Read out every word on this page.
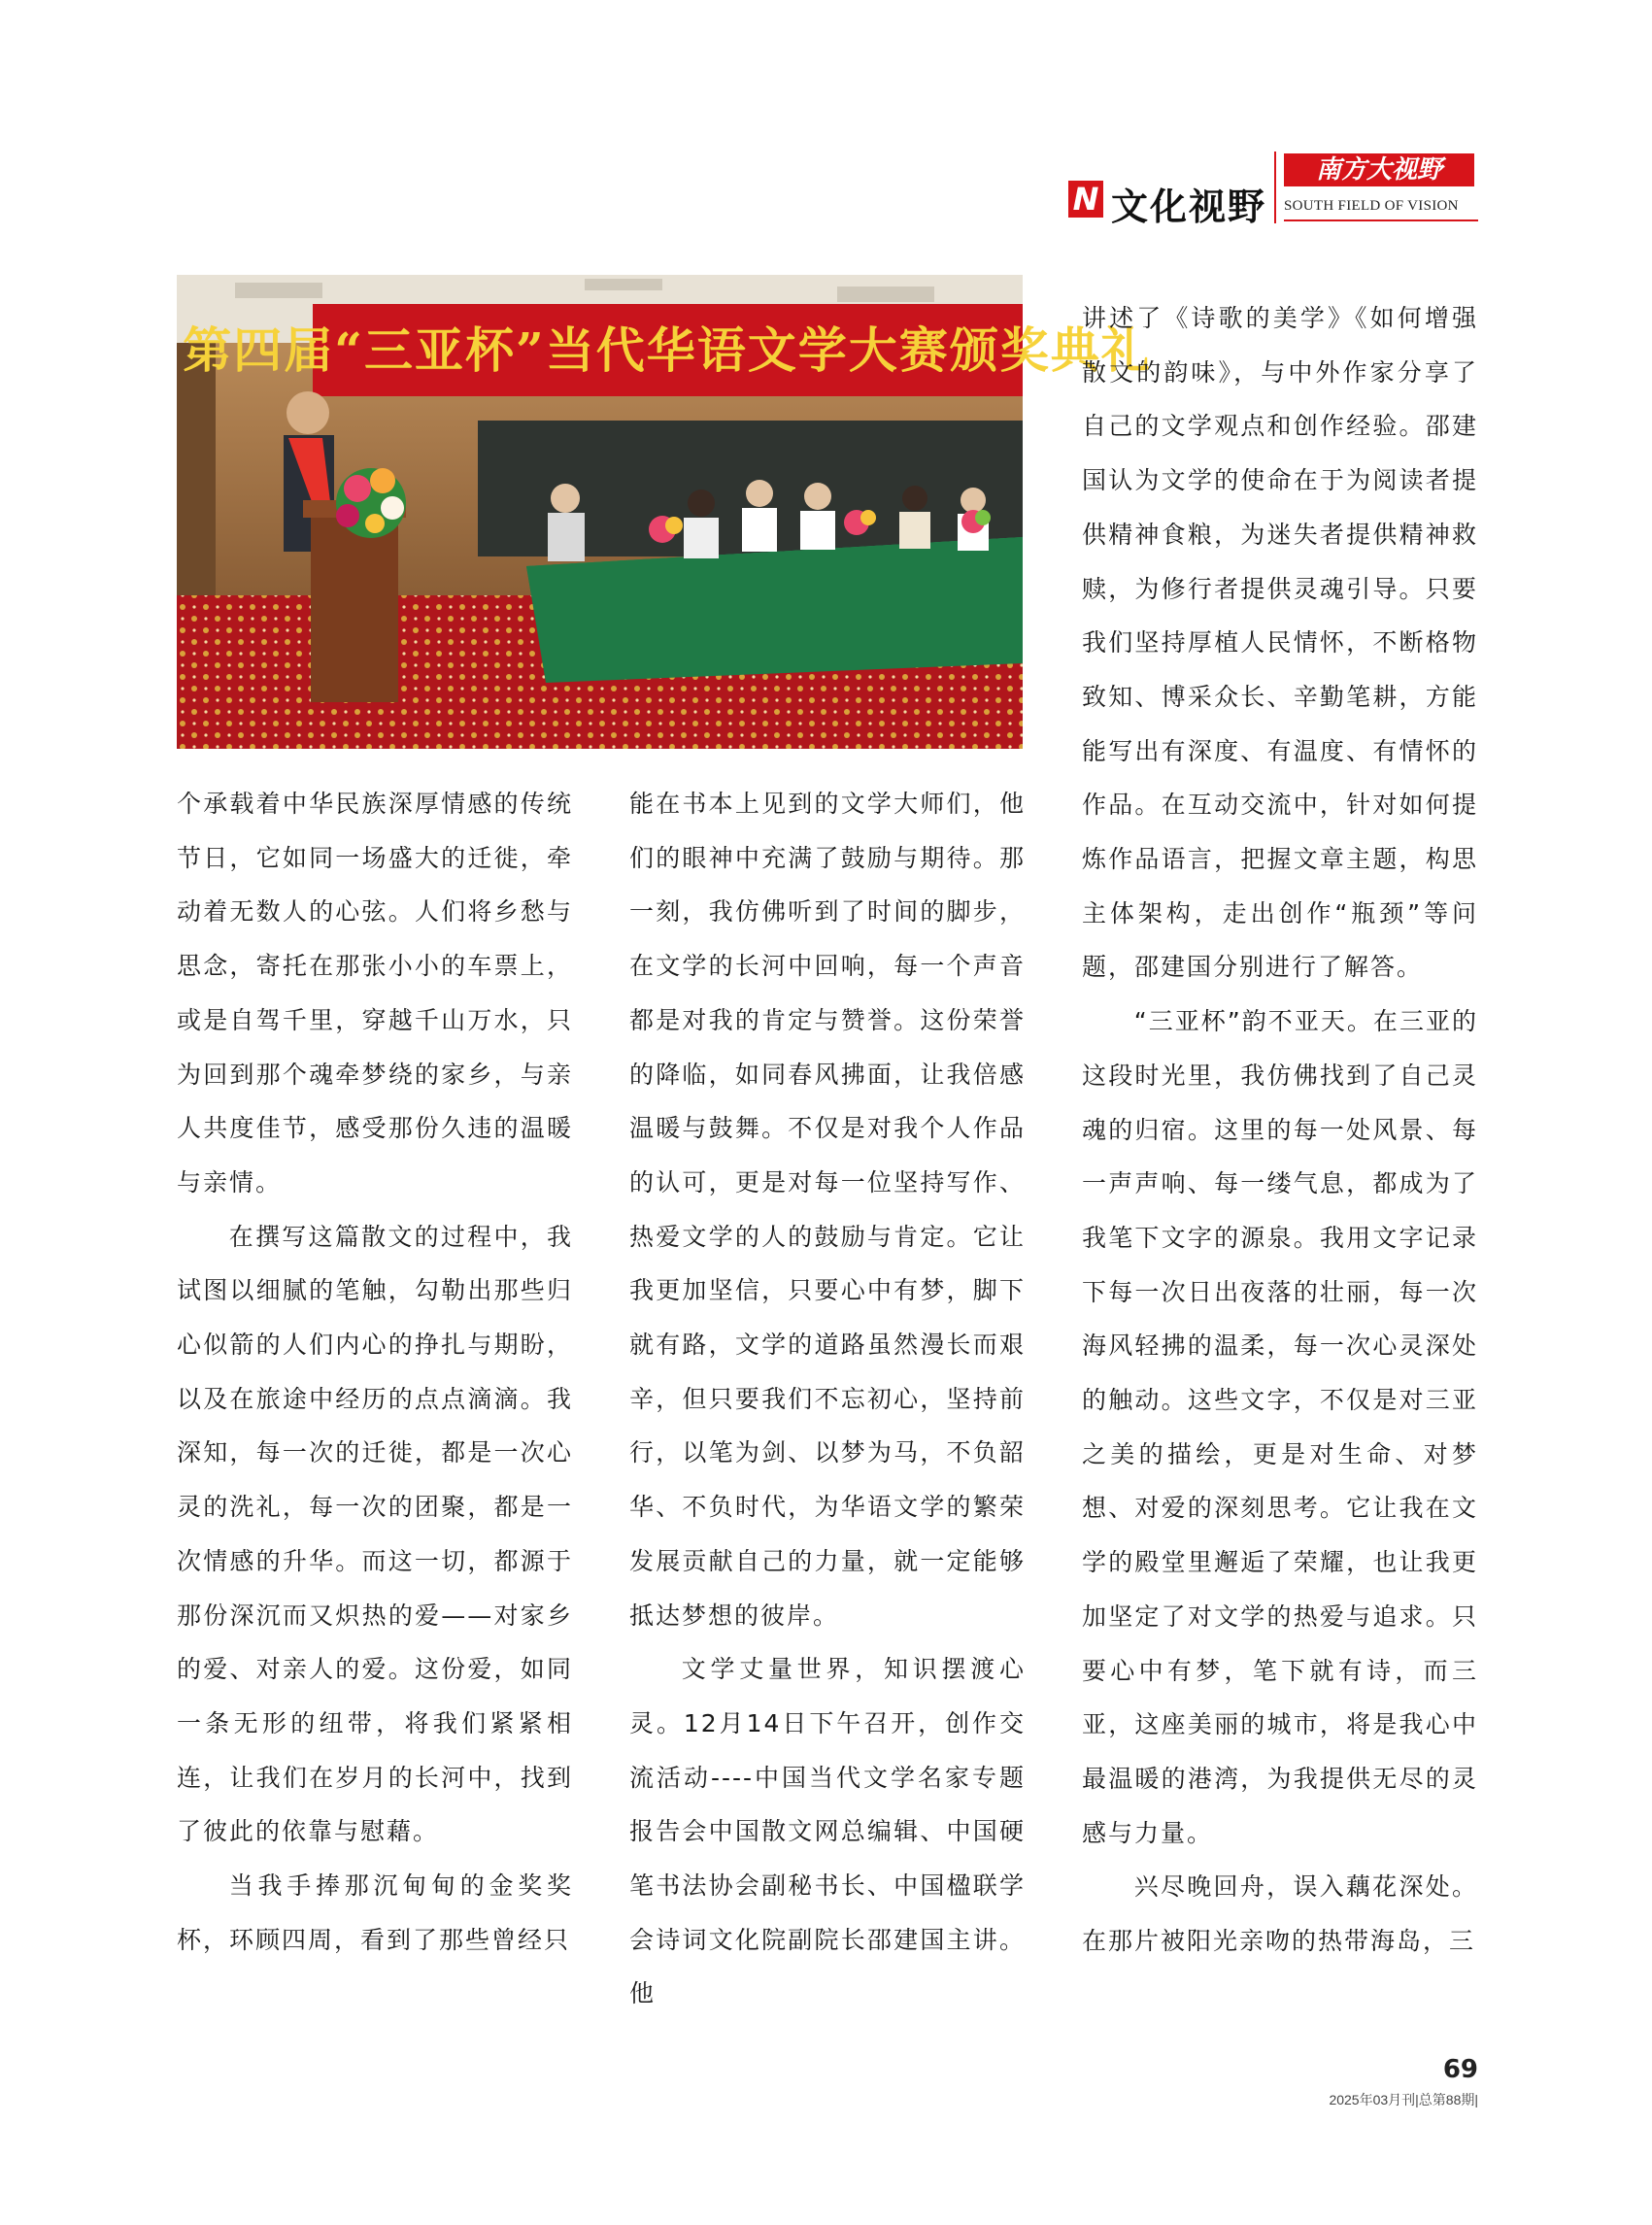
N 文化视野
南方大视野
SOUTH FIELD OF VISION
第四届“三亚杯”当代华语文学大赛颁奖典礼

个承载着中华民族深厚情感的传统节日，它如同一场盛大的迁徙，牵动着无数人的心弦。人们将乡愁与思念，寄托在那张小小的车票上，或是自驾千里，穿越千山万水，只为回到那个魂牵梦绕的家乡，与亲人共度佳节，感受那份久违的温暖与亲情。

在撰写这篇散文的过程中，我试图以细腻的笔触，勾勒出那些归心似箭的人们内心的挣扎与期盼，以及在旅途中经历的点点滴滴。我深知，每一次的迁徙，都是一次心灵的洗礼，每一次的团聚，都是一次情感的升华。而这一切，都源于那份深沉而又炽热的爱——对家乡的爱、对亲人的爱。这份爱，如同一条无形的纽带，将我们紧紧相连，让我们在岁月的长河中，找到了彼此的依靠与慰藉。

当我手捧那沉甸甸的金奖奖杯，环顾四周，看到了那些曾经只

能在书本上见到的文学大师们，他们的眼神中充满了鼓励与期待。那一刻，我仿佛听到了时间的脚步，在文学的长河中回响，每一个声音都是对我的肯定与赞誉。这份荣誉的降临，如同春风拂面，让我倍感温暖与鼓舞。不仅是对我个人作品的认可，更是对每一位坚持写作、热爱文学的人的鼓励与肯定。它让我更加坚信，只要心中有梦，脚下就有路，文学的道路虽然漫长而艰辛，但只要我们不忘初心，坚持前行，以笔为剑、以梦为马，不负韶华、不负时代，为华语文学的繁荣发展贡献自己的力量，就一定能够抵达梦想的彼岸。

文学丈量世界，知识摆渡心灵。12月14日下午召开，创作交流活动----中国当代文学名家专题报告会中国散文网总编辑、中国硬笔书法协会副秘书长、中国楹联学会诗词文化院副院长邵建国主讲。他

讲述了《诗歌的美学》《如何增强散文的韵味》，与中外作家分享了自己的文学观点和创作经验。邵建国认为文学的使命在于为阅读者提供精神食粮，为迷失者提供精神救赎，为修行者提供灵魂引导。只要我们坚持厚植人民情怀，不断格物致知、博采众长、辛勤笔耕，方能能写出有深度、有温度、有情怀的作品。在互动交流中，针对如何提炼作品语言，把握文章主题，构思主体架构，走出创作“瓶颈”等问题，邵建国分别进行了解答。

“三亚杯”韵不亚天。在三亚的这段时光里，我仿佛找到了自己灵魂的归宿。这里的每一处风景、每一声声响、每一缕气息，都成为了我笔下文字的源泉。我用文字记录下每一次日出夜落的壮丽，每一次海风轻拂的温柔，每一次心灵深处的触动。这些文字，不仅是对三亚之美的描绘，更是对生命、对梦想、对爱的深刻思考。它让我在文学的殿堂里邂逅了荣耀，也让我更加坚定了对文学的热爱与追求。只要心中有梦，笔下就有诗，而三亚，这座美丽的城市，将是我心中最温暖的港湾，为我提供无尽的灵感与力量。

兴尽晚回舟，误入藕花深处。在那片被阳光亲吻的热带海岛，三

69
2025年03月刊|总第88期|
